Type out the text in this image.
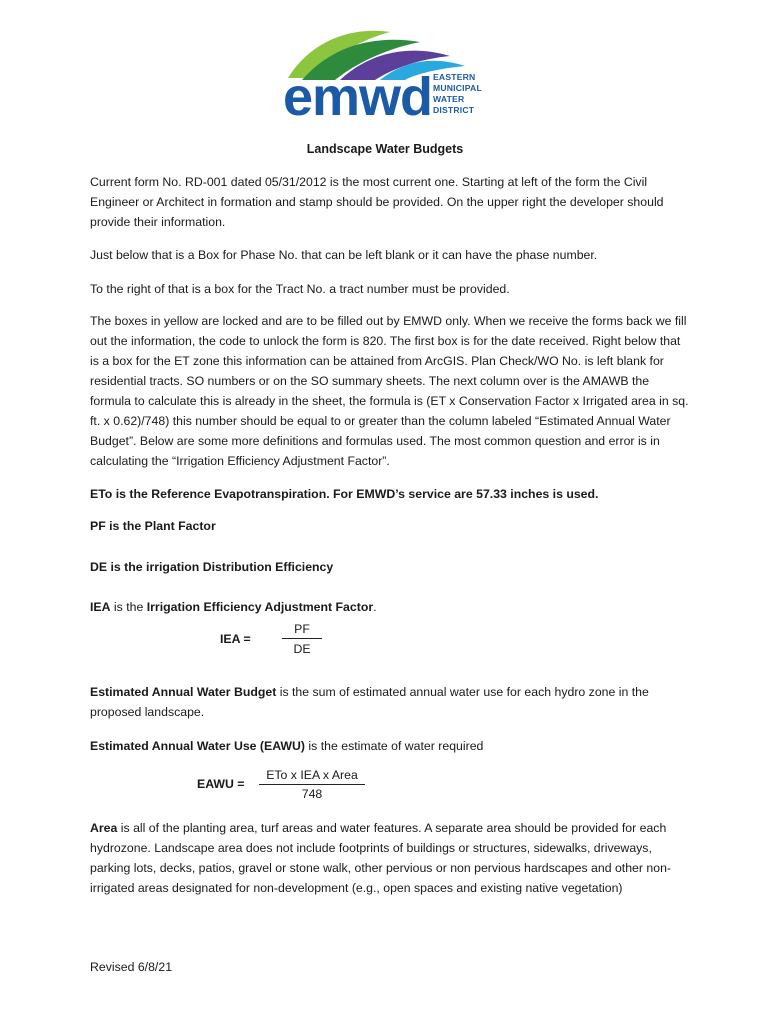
emwd EASTERN
MUNICIPAL
WATER
DISTRICT
Landscape Water Budgets
Current form No. RD-001 dated 05/31/2012 is the most current one. Starting at left of the form the Civil Engineer or Architect in formation and stamp should be provided. On the upper right the developer should provide their information.
Just below that is a Box for Phase No. that can be left blank or it can have the phase number.
To the right of that is a box for the Tract No. a tract number must be provided.
The boxes in yellow are locked and are to be filled out by EMWD only. When we receive the forms back we fill out the information, the code to unlock the form is 820. The first box is for the date received. Right below that is a box for the ET zone this information can be attained from ArcGIS. Plan Check/WO No. is left blank for residential tracts. SO numbers or on the SO summary sheets. The next column over is the AMAWB the formula to calculate this is already in the sheet, the formula is (ET x Conservation Factor x Irrigated area in sq. ft. x 0.62)/748) this number should be equal to or greater than the column labeled “Estimated Annual Water Budget”. Below are some more definitions and formulas used. The most common question and error is in calculating the “Irrigation Efficiency Adjustment Factor”.
ETo is the Reference Evapotranspiration. For EMWD’s service are 57.33 inches is used.
PF is the Plant Factor
DE is the irrigation Distribution Efficiency
IEA is the Irrigation Efficiency Adjustment Factor.
IEA =
PF
DE
Estimated Annual Water Budget is the sum of estimated annual water use for each hydro zone in the proposed landscape.
Estimated Annual Water Use (EAWU) is the estimate of water required
EAWU =
ETo x IEA x Area
748
Area is all of the planting area, turf areas and water features. A separate area should be provided for each hydrozone. Landscape area does not include footprints of buildings or structures, sidewalks, driveways, parking lots, decks, patios, gravel or stone walk, other pervious or non pervious hardscapes and other non-irrigated areas designated for non-development (e.g., open spaces and existing native vegetation)
Revised 6/8/21
